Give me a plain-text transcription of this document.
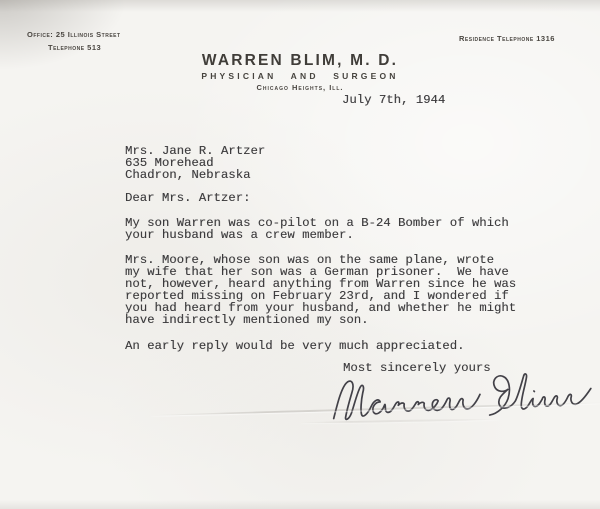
Office: 25 Illinois Street
Telephone 513
Residence Telephone 1316
WARREN BLIM, M. D.
PHYSICIAN AND SURGEON
Chicago Heights, Ill.
July 7th, 1944
Mrs. Jane R. Artzer
635 Morehead
Chadron, Nebraska
Dear Mrs. Artzer:
My son Warren was co-pilot on a B-24 Bomber of which
your husband was a crew member.
Mrs. Moore, whose son was on the same plane, wrote
my wife that her son was a German prisoner.  We have
not, however, heard anything from Warren since he was
reported missing on February 23rd, and I wondered if
you had heard from your husband, and whether he might
have indirectly mentioned my son.
An early reply would be very much appreciated.
Most sincerely yours
